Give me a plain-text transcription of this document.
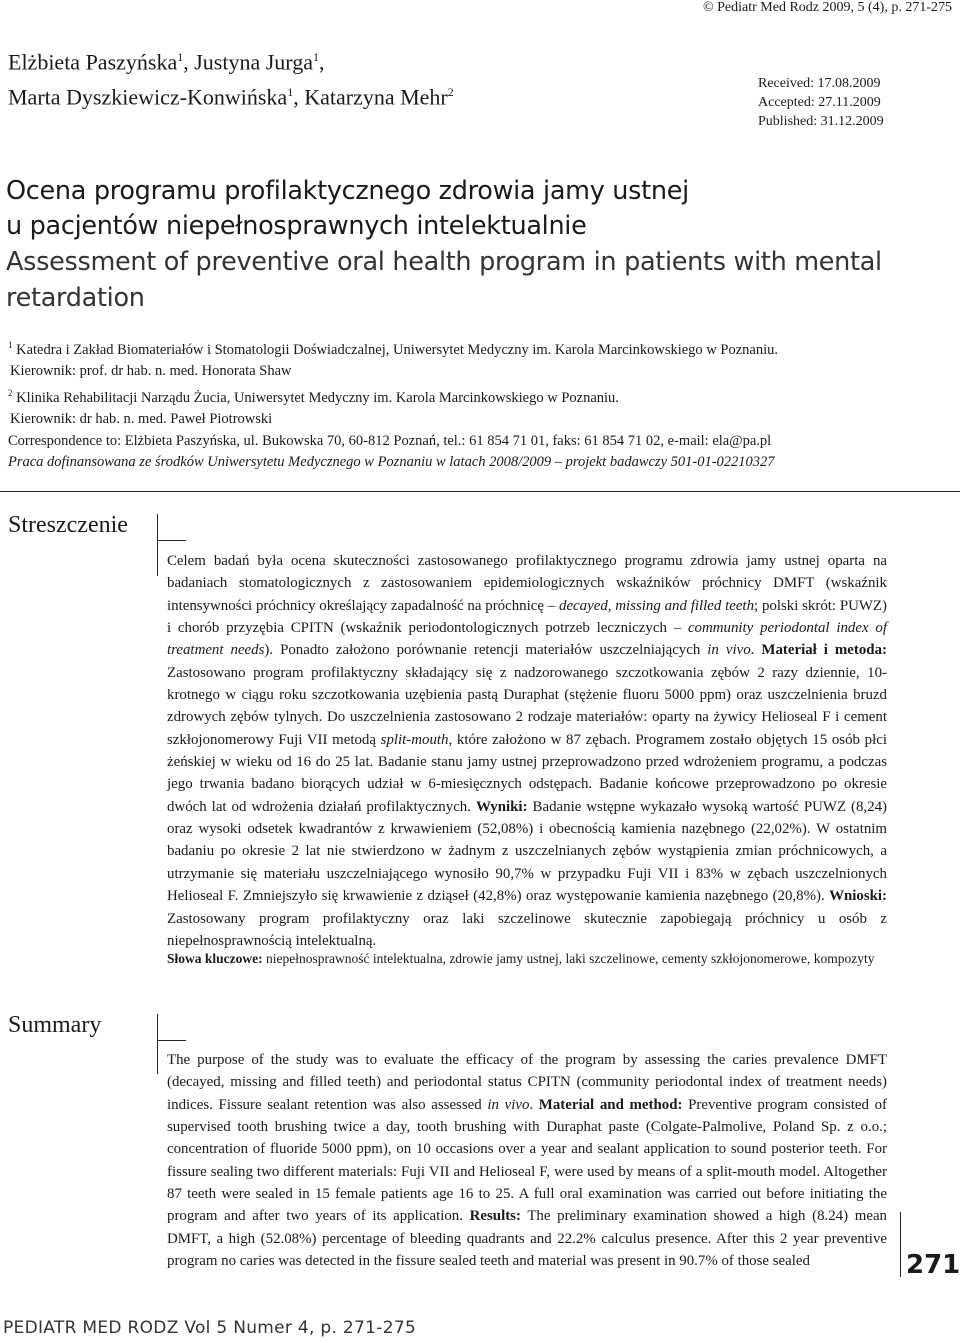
© Pediatr Med Rodz 2009, 5 (4), p. 271-275
Elżbieta Paszyńska$^1$, Justyna Jurga$^1$,
Marta Dyszkiewicz-Konwińska$^1$, Katarzyna Mehr$^2$
Received: 17.08.2009
Accepted: 27.11.2009
Published: 31.12.2009
Ocena programu profilaktycznego zdrowia jamy ustnej
u pacjentów niepełnosprawnych intelektualnie
Assessment of preventive oral health program in patients with mental retardation
$^1$ Katedra i Zakład Biomateriałów i Stomatologii Doświadczalnej, Uniwersytet Medyczny im. Karola Marcinkowskiego w Poznaniu.
Kierownik: prof. dr hab. n. med. Honorata Shaw
$^2$ Klinika Rehabilitacji Narządu Żucia, Uniwersytet Medyczny im. Karola Marcinkowskiego w Poznaniu.
Kierownik: dr hab. n. med. Paweł Piotrowski
Correspondence to: Elżbieta Paszyńska, ul. Bukowska 70, 60-812 Poznań, tel.: 61 854 71 01, faks: 61 854 71 02, e-mail: ela@pa.pl
Praca dofinansowana ze środków Uniwersytetu Medycznego w Poznaniu w latach 2008/2009 – projekt badawczy 501-01-02210327
Streszczenie
Celem badań była ocena skuteczności zastosowanego profilaktycznego programu zdrowia jamy ustnej oparta na badaniach stomatologicznych z zastosowaniem epidemiologicznych wskaźników próchnicy DMFT (wskaźnik intensywności próchnicy określający zapadalność na próchnicę – decayed, missing and filled teeth; polski skrót: PUWZ) i chorób przyzębia CPITN (wskaźnik periodontologicznych potrzeb leczniczych – community periodontal index of treatment needs). Ponadto założono porównanie retencji materiałów uszczelniających in vivo. Materiał i metoda: Zastosowano program profilaktyczny składający się z nadzorowanego szczotkowania zębów 2 razy dziennie, 10-krotnego w ciągu roku szczotkowania uzębienia pastą Duraphat (stężenie fluoru 5000 ppm) oraz uszczelnienia bruzd zdrowych zębów tylnych. Do uszczelnienia zastosowano 2 rodzaje materiałów: oparty na żywicy Helioseal F i cement szkłojonomerowy Fuji VII metodą split-mouth, które założono w 87 zębach. Programem zostało objętych 15 osób płci żeńskiej w wieku od 16 do 25 lat. Badanie stanu jamy ustnej przeprowadzono przed wdrożeniem programu, a podczas jego trwania badano biorących udział w 6-miesięcznych odstępach. Badanie końcowe przeprowadzono po okresie dwóch lat od wdrożenia działań profilaktycznych. Wyniki: Badanie wstępne wykazało wysoką wartość PUWZ (8,24) oraz wysoki odsetek kwadrantów z krwawieniem (52,08%) i obecnością kamienia nazębnego (22,02%). W ostatnim badaniu po okresie 2 lat nie stwierdzono w żadnym z uszczelnianych zębów wystąpienia zmian próchnicowych, a utrzymanie się materiału uszczelniającego wynosiło 90,7% w przypadku Fuji VII i 83% w zębach uszczelnionych Helioseal F. Zmniejszyło się krwawienie z dziąseł (42,8%) oraz występowanie kamienia nazębnego (20,8%). Wnioski: Zastosowany program profilaktyczny oraz laki szczelinowe skutecznie zapobiegają próchnicy u osób z niepełnosprawnością intelektualną.
Słowa kluczowe: niepełnosprawność intelektualna, zdrowie jamy ustnej, laki szczelinowe, cementy szkłojonomerowe, kompozyty
Summary
The purpose of the study was to evaluate the efficacy of the program by assessing the caries prevalence DMFT (decayed, missing and filled teeth) and periodontal status CPITN (community periodontal index of treatment needs) indices. Fissure sealant retention was also assessed in vivo. Material and method: Preventive program consisted of supervised tooth brushing twice a day, tooth brushing with Duraphat paste (Colgate-Palmolive, Poland Sp. z o.o.; concentration of fluoride 5000 ppm), on 10 occasions over a year and sealant application to sound posterior teeth. For fissure sealing two different materials: Fuji VII and Helioseal F, were used by means of a split-mouth model. Altogether 87 teeth were sealed in 15 female patients age 16 to 25. A full oral examination was carried out before initiating the program and after two years of its application. Results: The preliminary examination showed a high (8.24) mean DMFT, a high (52.08%) percentage of bleeding quadrants and 22.2% calculus presence. After this 2 year preventive program no caries was detected in the fissure sealed teeth and material was present in 90.7% of those sealed	271
PEDIATR MED RODZ Vol 5 Numer 4, p. 271-275
